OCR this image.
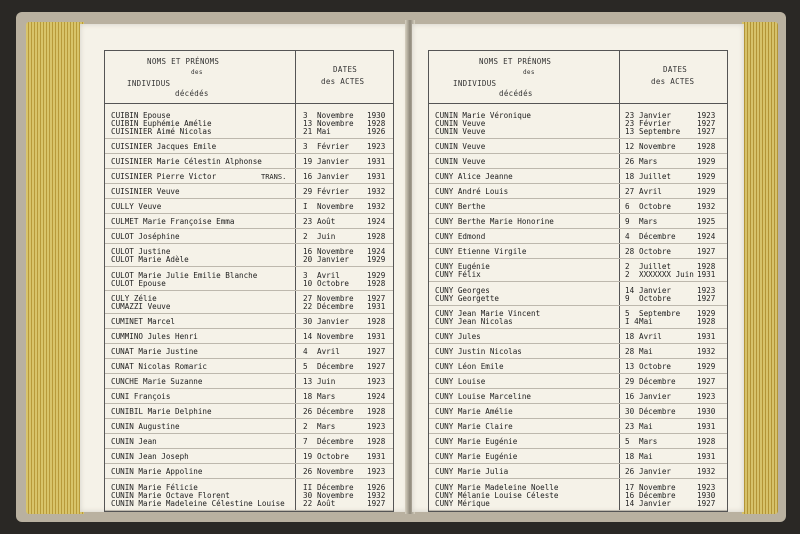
NOMS ET PRÉNOMS
des
INDIVIDUS
décédés
DATES
des ACTES
CUIBIN Epouse	3 Novembre 1930
CUIBIN Euphémie Amélie	13 Novembre 1928
CUISINIER Aimé Nicolas	21 Mai	1926
CUISINIER Jacques Emile	3 Février 1923
CUISINIER Marie Célestin Alphonse	19 Janvier 1931
CUISINIER Pierre Victor	TRANS. 16 Janvier 1931
CUISINIER Veuve	29 Février 1932
CULLY Veuve	I Novembre 1932
CULMET Marie Françoise Emma	23 Août	1924
CULOT Joséphine	2 Juin	1928
CULOT Justine	16 Novembre 1924
CULOT Marie Adèle	20 Janvier 1929
CULOT Marie Julie Emilie Blanche	3 Avril	1929
CULOT Epouse	10 Octobre 1928
CULY Zélie	27 Novembre 1927
CUMAZZI Veuve	22 Décembre 1931
CUMINET Marcel	30 Janvier 1928
CUMMINO Jules Henri	14 Novembre 1931
CUNAT Marie Justine	4 Avril	1927
CUNAT Nicolas Romaric	5 Décembre 1927
CUNCHE Marie Suzanne	13 Juin	1923
CUNI François	18 Mars	1924
CUNIBIL Marie Delphine	26 Décembre 1928
CUNIN Augustine	2 Mars	1923
CUNIN Jean	7 Décembre 1928
CUNIN Jean Joseph	19 Octobre 1931
CUNIN Marie Appoline	26 Novembre 1923
CUNIN Marie Félicie	II Décembre 1926
CUNIN Marie Octave Florent	30 Novembre 1932
CUNIN Marie Madeleine Célestine Louise 22 Août	1927
NOMS ET PRÉNOMS
des
INDIVIDUS
décédés
DATES
des ACTES
CUNIN Marie Véronique	23 Janvier	1923
CUNIN Veuve	23 Février	1927
CUNIN Veuve	13 Septembre 1927
CUNIN Veuve	12 Novembre	1928
CUNIN Veuve	26 Mars	1929
CUNY Alice Jeanne	18 Juillet	1929
CUNY André Louis	27 Avril	1929
CUNY Berthe	6 Octobre	1932
CUNY Berthe Marie Honorine	9 Mars	1925
CUNY Edmond	4 Décembre	1924
CUNY Etienne Virgile	28 Octobre	1927
CUNY Eugénie	2 Juillet	1928
CUNY Félix	2 XXXXXXX Juin 1931
CUNY Georges	14 Janvier	1923
CUNY Georgette	9 Octobre	1927
CUNY Jean Marie Vincent	5 Septembre 1929
CUNY Jean Nicolas	I 4 Mai	1928
CUNY Jules	18 Avril	1931
CUNY Justin Nicolas	28 Mai	1932
CUNY Léon Emile	13 Octobre	1929
CUNY Louise	29 Décembre	1927
CUNY Louise Marceline	16 Janvier	1923
CUNY Marie Amélie	30 Décembre	1930
CUNY Marie Claire	23 Mai	1931
CUNY Marie Eugénie	5 Mars	1928
CUNY Marie Eugénie	18 Mai	1931
CUNY Marie Julia	26 Janvier	1932
CUNY Marie Madeleine Noelle	17 Novembre	1923
CUNY Mélanie Louise Céleste	16 Décembre	1930
CUNY Mérique	14 Janvier	1927
